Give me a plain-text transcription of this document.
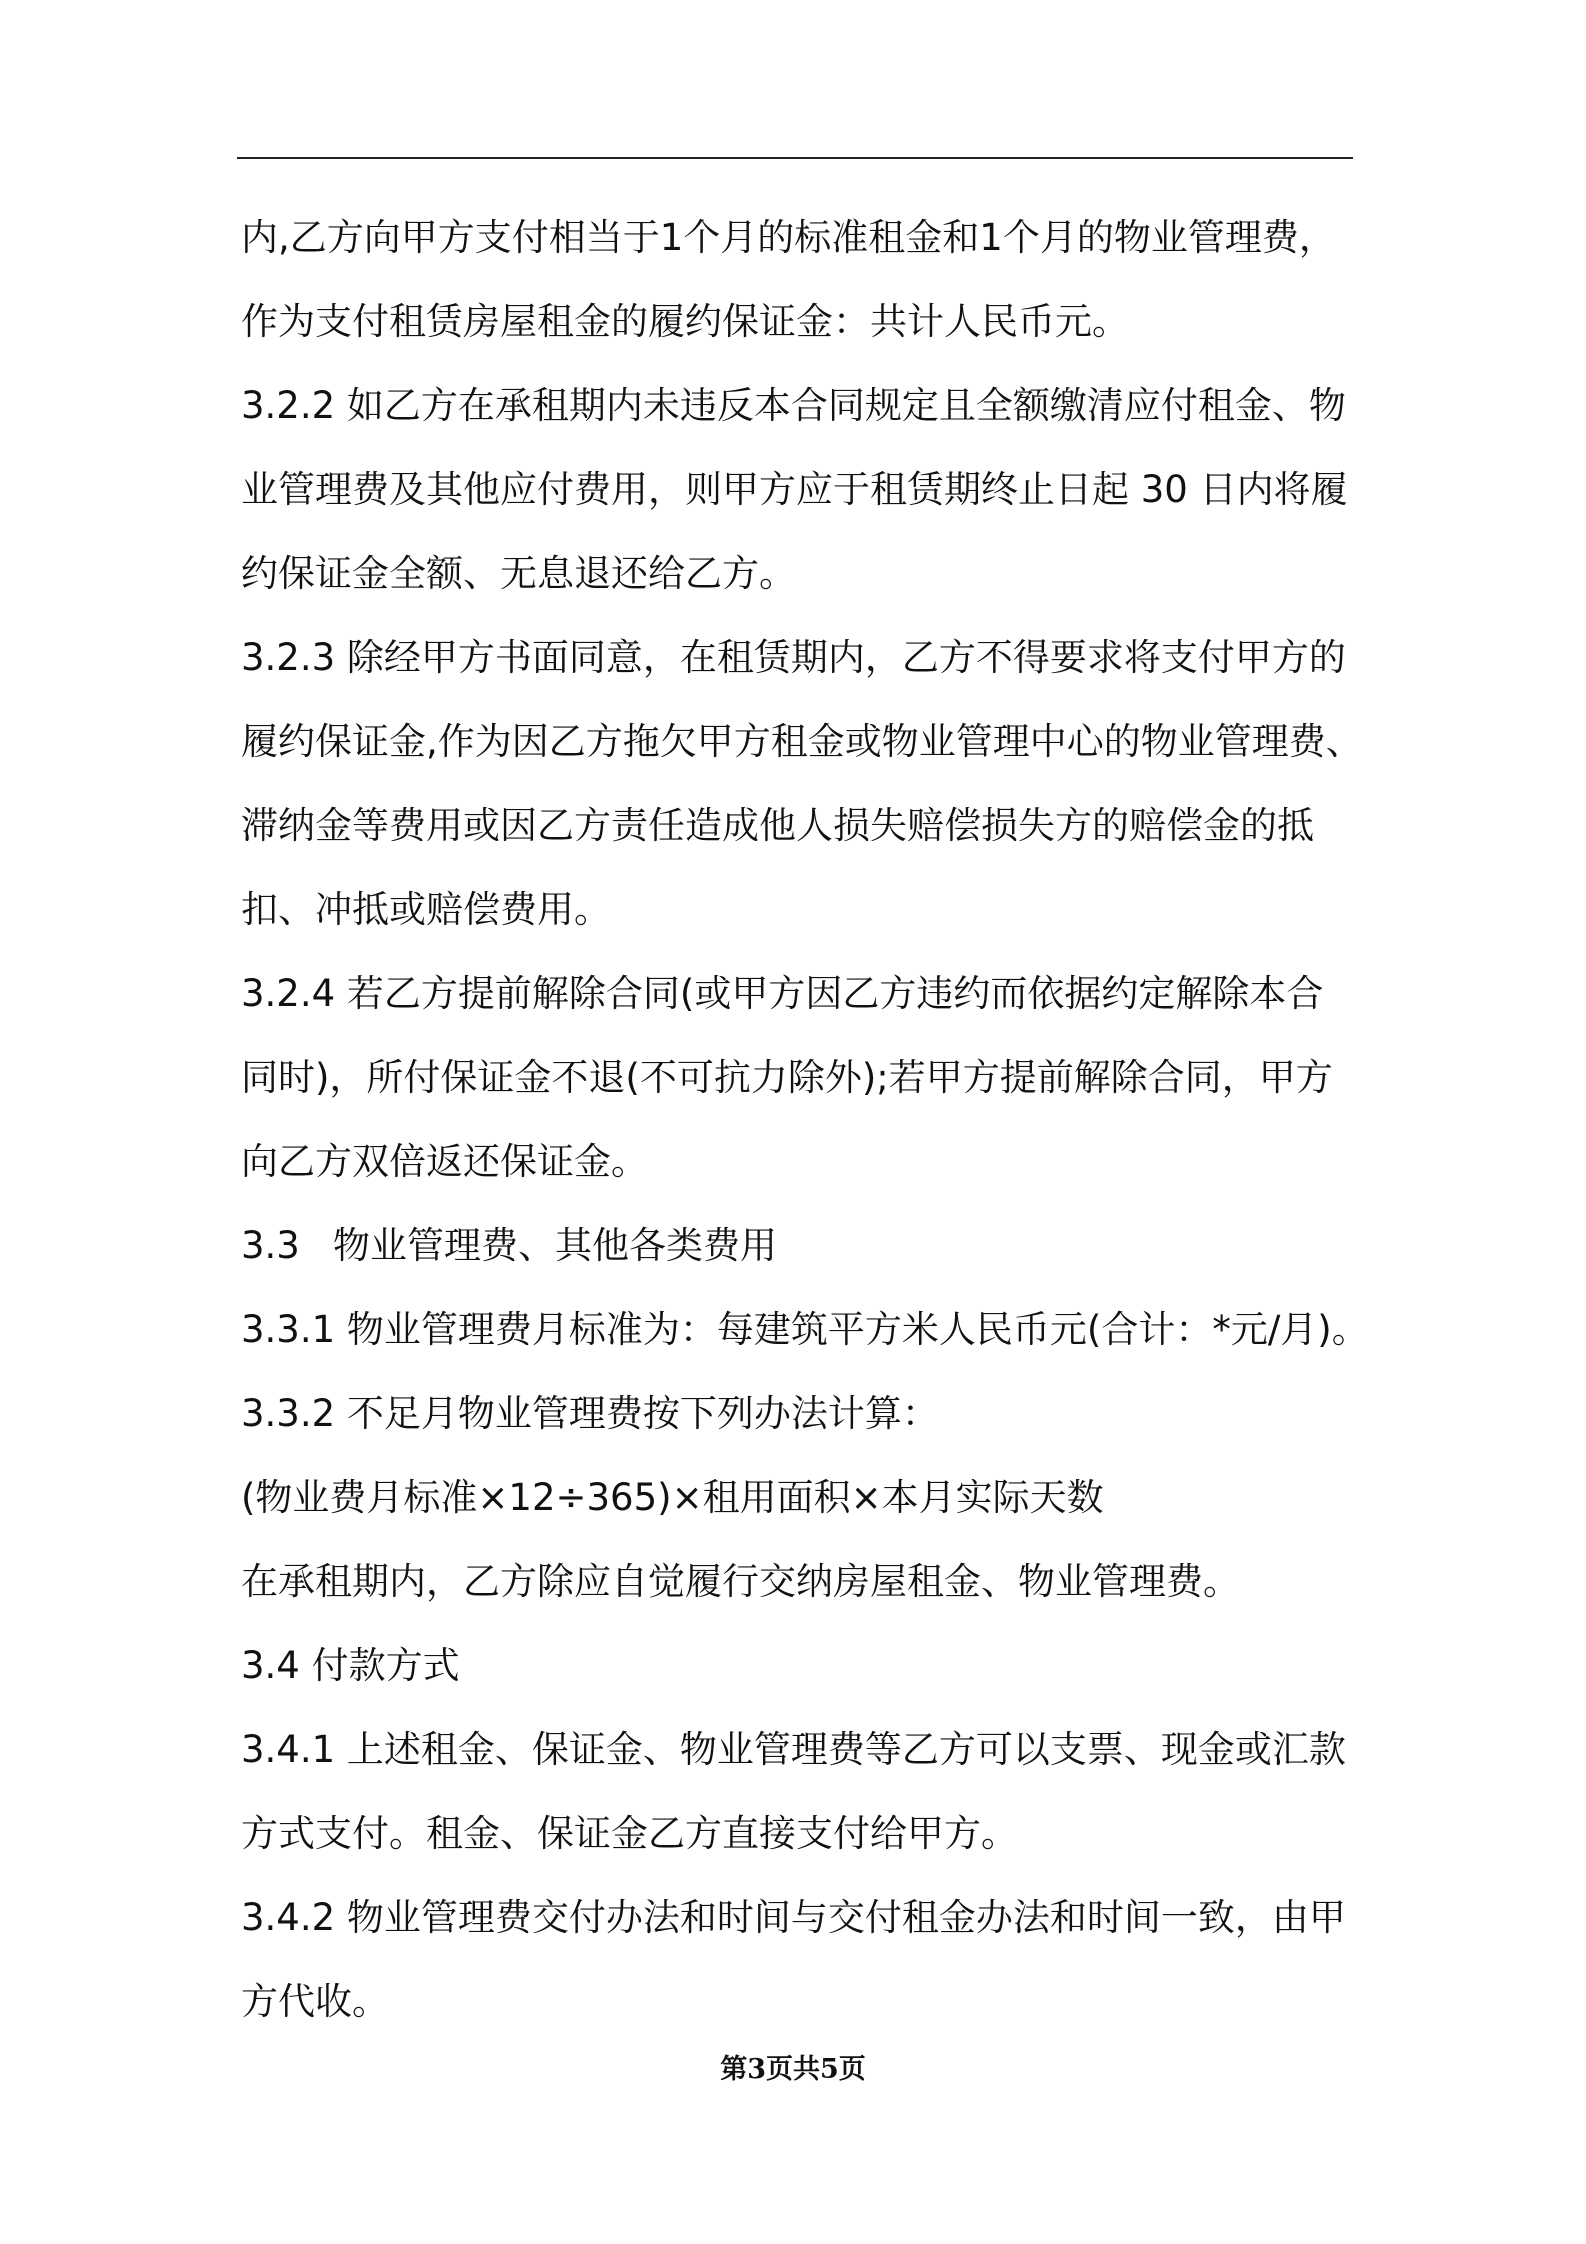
内,乙方向甲方支付相当于1个月的标准租金和1个月的物业管理费，
作为支付租赁房屋租金的履约保证金：共计人民币元。
3.2.2 如乙方在承租期内未违反本合同规定且全额缴清应付租金、物
业管理费及其他应付费用，则甲方应于租赁期终止日起 30 日内将履
约保证金全额、无息退还给乙方。
3.2.3 除经甲方书面同意，在租赁期内，乙方不得要求将支付甲方的
履约保证金,作为因乙方拖欠甲方租金或物业管理中心的物业管理费、
滞纳金等费用或因乙方责任造成他人损失赔偿损失方的赔偿金的抵
扣、冲抵或赔偿费用。
3.2.4 若乙方提前解除合同(或甲方因乙方违约而依据约定解除本合
同时)，所付保证金不退(不可抗力除外);若甲方提前解除合同，甲方
向乙方双倍返还保证金。
3.3 物业管理费、其他各类费用
3.3.1 物业管理费月标准为：每建筑平方米人民币元(合计：*元/月)。
3.3.2 不足月物业管理费按下列办法计算：
(物业费月标准×12÷365)×租用面积×本月实际天数
在承租期内，乙方除应自觉履行交纳房屋租金、物业管理费。
3.4 付款方式
3.4.1 上述租金、保证金、物业管理费等乙方可以支票、现金或汇款
方式支付。租金、保证金乙方直接支付给甲方。
3.4.2 物业管理费交付办法和时间与交付租金办法和时间一致，由甲
方代收。
第3页共5页
